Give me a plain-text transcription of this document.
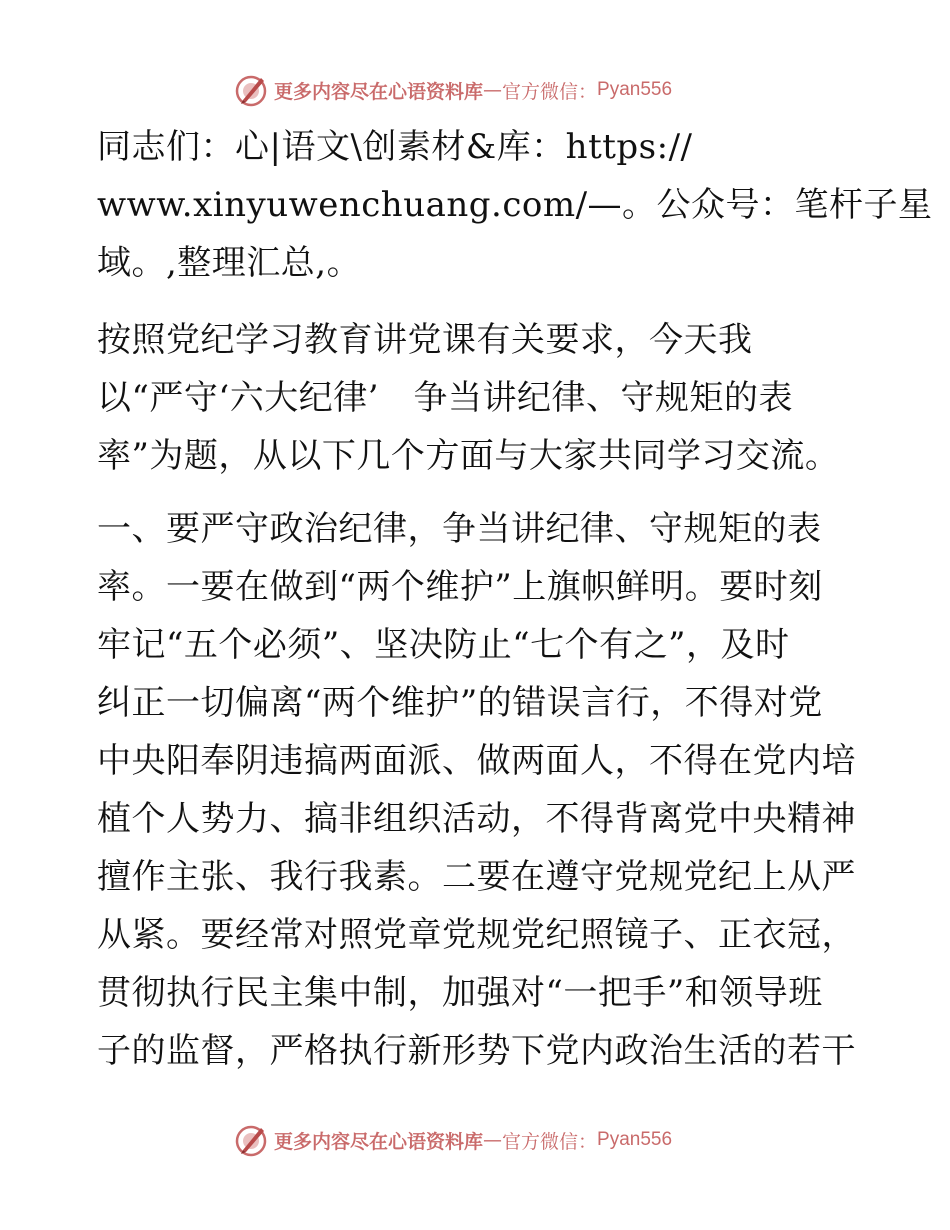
更多内容尽在心语资料库 — 官方微信： Pyan556
同志们：心|语文\创素材&库：https://
www.xinyuwenchuang.com/—。公众号：笔杆子星
域。,整理汇总,。
按照党纪学习教育讲党课有关要求，今天我
以“严守‘六大纪律’　争当讲纪律、守规矩的表
率”为题，从以下几个方面与大家共同学习交流。
一、要严守政治纪律，争当讲纪律、守规矩的表
率。一要在做到“两个维护”上旗帜鲜明。要时刻
牢记“五个必须”、坚决防止“七个有之”，及时
纠正一切偏离“两个维护”的错误言行，不得对党
中央阳奉阴违搞两面派、做两面人，不得在党内培
植个人势力、搞非组织活动，不得背离党中央精神
擅作主张、我行我素。二要在遵守党规党纪上从严
从紧。要经常对照党章党规党纪照镜子、正衣冠，
贯彻执行民主集中制，加强对“一把手”和领导班
子的监督，严格执行新形势下党内政治生活的若干
更多内容尽在心语资料库 — 官方微信： Pyan556
